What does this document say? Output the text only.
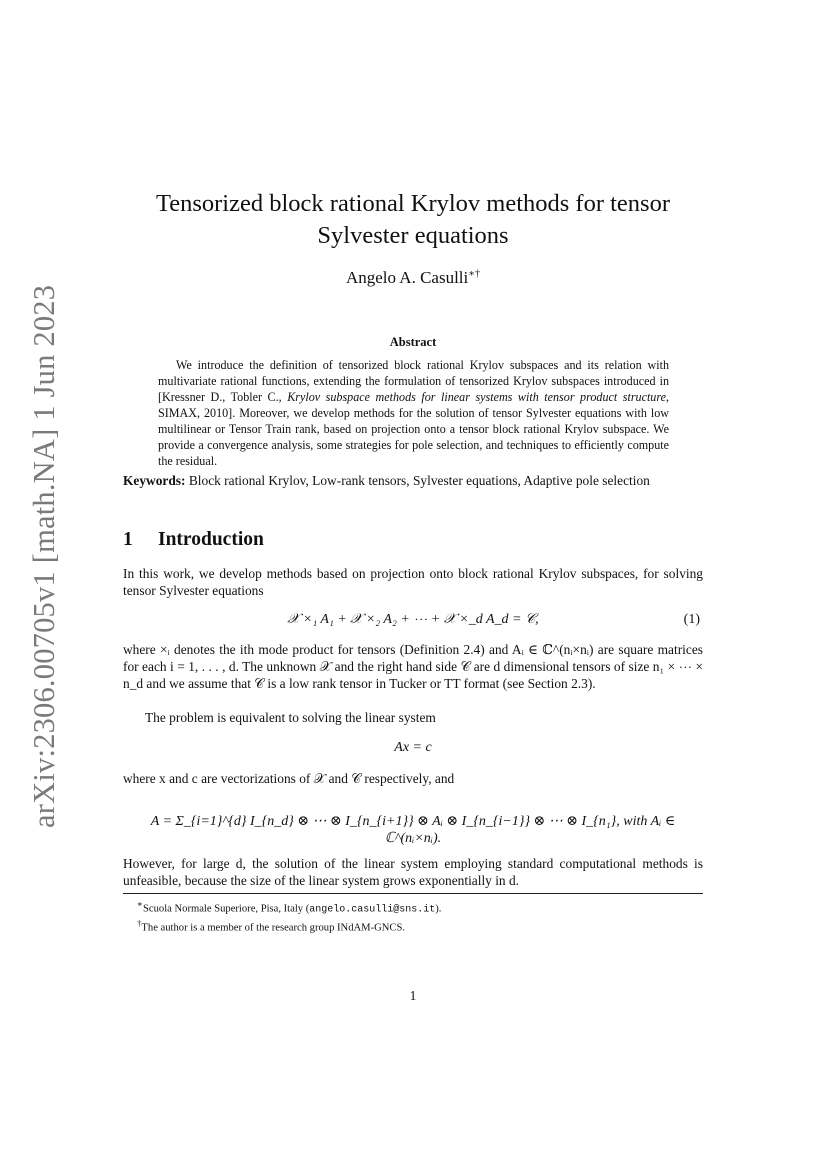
arXiv:2306.00705v1 [math.NA] 1 Jun 2023
Tensorized block rational Krylov methods for tensor
Sylvester equations
Angelo A. Casulli∗†
Abstract
We introduce the definition of tensorized block rational Krylov subspaces and its relation with multivariate rational functions, extending the formulation of tensorized Krylov subspaces introduced in [Kressner D., Tobler C., Krylov subspace methods for linear systems with tensor product structure, SIMAX, 2010]. Moreover, we develop methods for the solution of tensor Sylvester equations with low multilinear or Tensor Train rank, based on projection onto a tensor block rational Krylov subspace. We provide a convergence analysis, some strategies for pole selection, and techniques to efficiently compute the residual.
Keywords: Block rational Krylov, Low-rank tensors, Sylvester equations, Adaptive pole selection
1 Introduction
In this work, we develop methods based on projection onto block rational Krylov subspaces, for solving tensor Sylvester equations
𝒳 ×₁ A₁ + 𝒳 ×₂ A₂ + ⋯ + 𝒳 ×_d A_d = 𝒞,	(1)
where ×ᵢ denotes the ith mode product for tensors (Definition 2.4) and Aᵢ ∈ ℂ^(nᵢ×nᵢ) are square matrices for each i = 1, . . . , d. The unknown 𝒳 and the right hand side 𝒞 are d dimensional tensors of size n₁ × ⋯ × n_d and we assume that 𝒞 is a low rank tensor in Tucker or TT format (see Section 2.3).
The problem is equivalent to solving the linear system
Ax = c
where x and c are vectorizations of 𝒳 and 𝒞 respectively, and
A = Σ_{i=1}^{d} I_{n_d} ⊗ ⋯ ⊗ I_{n_{i+1}} ⊗ Aᵢ ⊗ I_{n_{i−1}} ⊗ ⋯ ⊗ I_{n₁}, with Aᵢ ∈ ℂ^(nᵢ×nᵢ).
However, for large d, the solution of the linear system employing standard computational methods is unfeasible, because the size of the linear system grows exponentially in d.
∗Scuola Normale Superiore, Pisa, Italy (angelo.casulli@sns.it).
†The author is a member of the research group INdAM-GNCS.
1
